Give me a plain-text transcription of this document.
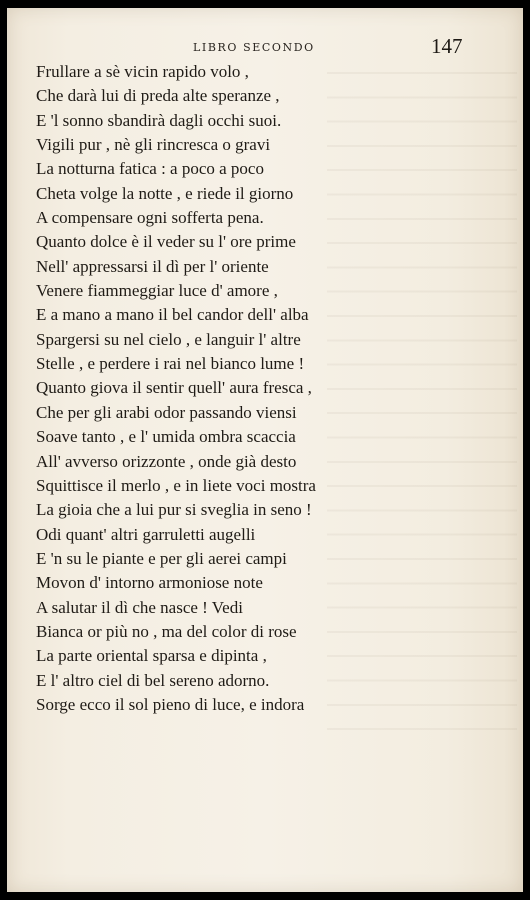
LIBRO SECONDO	147
Frullare a sè vicin rapido volo ,
Che darà lui di preda alte speranze ,
E 'l sonno sbandirà dagli occhi suoi.
Vigili pur , nè gli rincresca o gravi
La notturna fatica : a poco a poco
Cheta volge la notte , e riede il giorno
A compensare ogni sofferta pena.
Quanto dolce è il veder su l' ore prime
Nell' appressarsi il dì per l' oriente
Venere fiammeggiar luce d' amore ,
E a mano a mano il bel candor dell' alba
Spargersi su nel cielo , e languir l' altre
Stelle , e perdere i rai nel bianco lume !
Quanto giova il sentir quell' aura fresca ,
Che per gli arabi odor passando viensi
Soave tanto , e l' umida ombra scaccia
All' avverso orizzonte , onde già desto
Squittisce il merlo , e in liete voci mostra
La gioia che a lui pur si sveglia in seno !
Odi quant' altri garruletti augelli
E 'n su le piante e per gli aerei campi
Movon d' intorno armoniose note
A salutar il dì che nasce ! Vedi
Bianca or più no , ma del color di rose
La parte oriental sparsa e dipinta ,
E l' altro ciel di bel sereno adorno.
Sorge ecco il sol pieno di luce, e indora
